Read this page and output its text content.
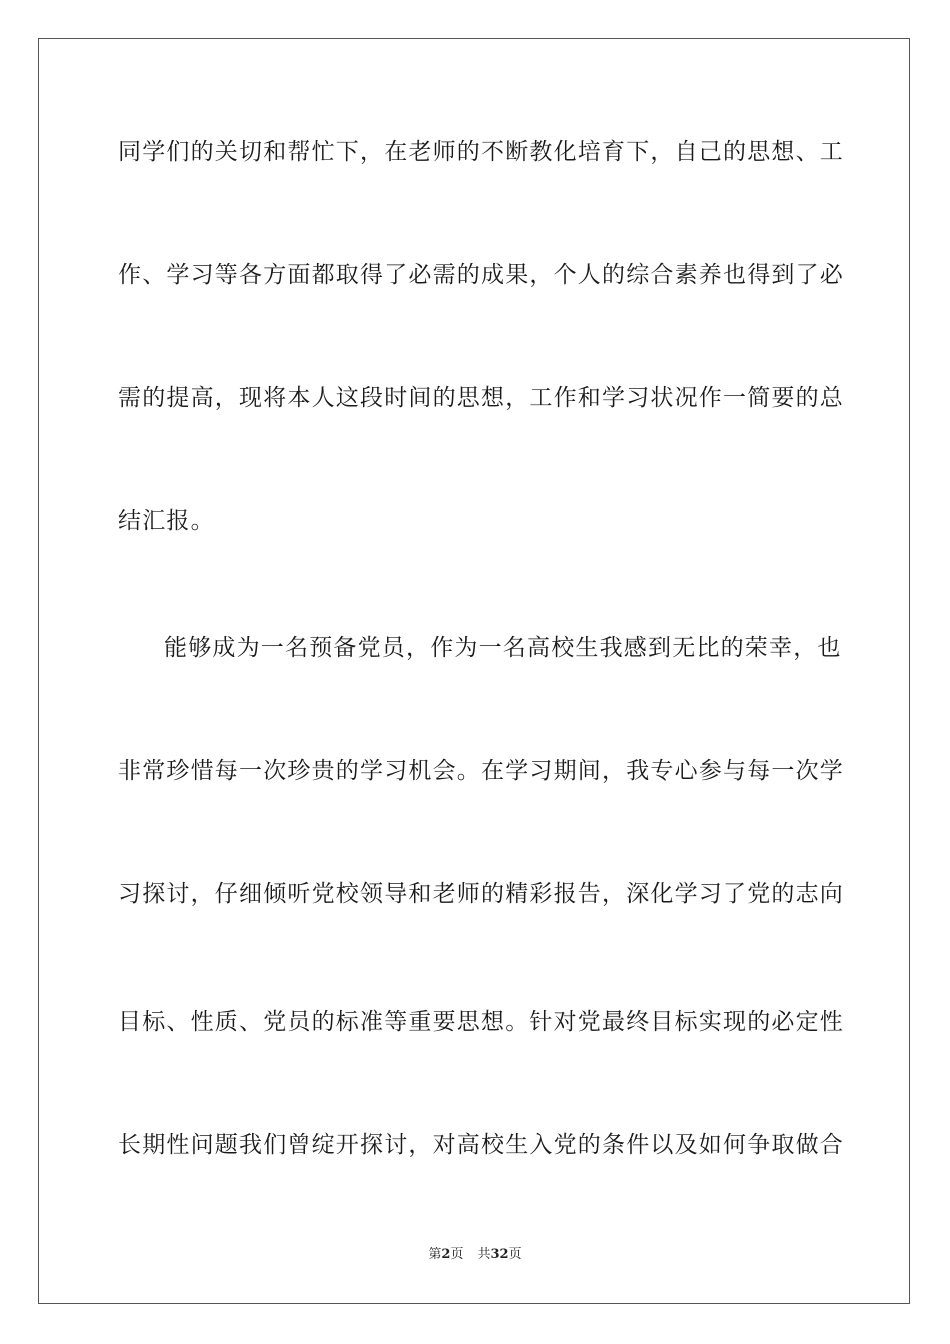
同学们的关切和帮忙下，在老师的不断教化培育下，自己的思想、工
作、学习等各方面都取得了必需的成果，个人的综合素养也得到了必
需的提高，现将本人这段时间的思想，工作和学习状况作一简要的总
结汇报。
能够成为一名预备党员，作为一名高校生我感到无比的荣幸，也
非常珍惜每一次珍贵的学习机会。在学习期间，我专心参与每一次学
习探讨，仔细倾听党校领导和老师的精彩报告，深化学习了党的志向
目标、性质、党员的标准等重要思想。针对党最终目标实现的必定性
长期性问题我们曾绽开探讨，对高校生入党的条件以及如何争取做合
第2页 共32页
